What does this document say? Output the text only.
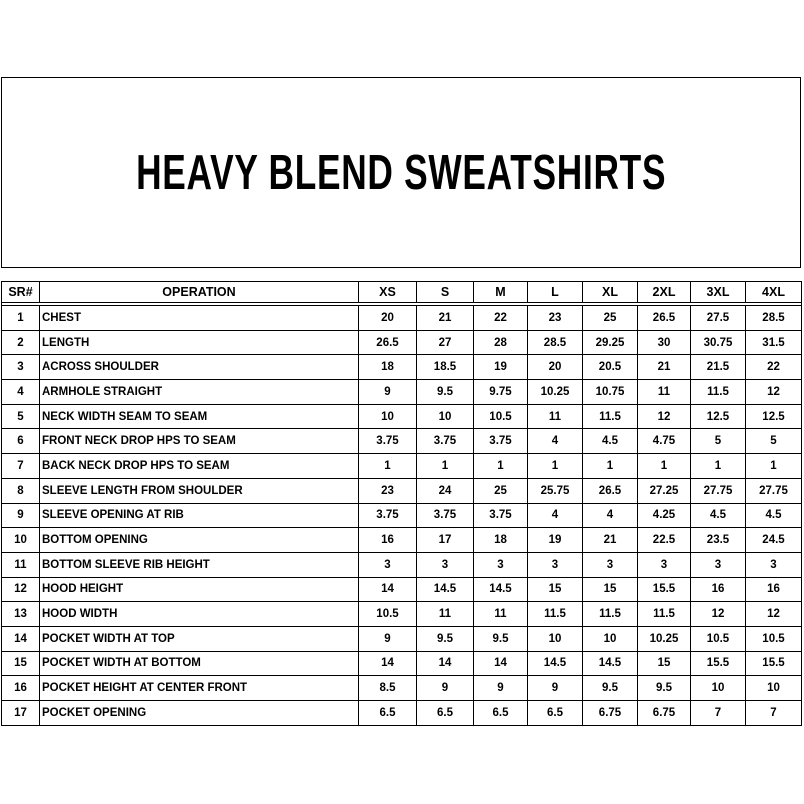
HEAVY BLEND SWEATSHIRTS
SR#	OPERATION	XS	S	M	L	XL	2XL	3XL	4XL

1	CHEST	20	21	22	23	25	26.5	27.5	28.5
2	LENGTH	26.5	27	28	28.5	29.25	30	30.75	31.5
3	ACROSS SHOULDER	18	18.5	19	20	20.5	21	21.5	22
4	ARMHOLE STRAIGHT	9	9.5	9.75	10.25	10.75	11	11.5	12
5	NECK WIDTH SEAM TO SEAM	10	10	10.5	11	11.5	12	12.5	12.5
6	FRONT NECK DROP HPS TO SEAM	3.75	3.75	3.75	4	4.5	4.75	5	5
7	BACK NECK DROP HPS TO SEAM	1	1	1	1	1	1	1	1
8	SLEEVE LENGTH FROM SHOULDER	23	24	25	25.75	26.5	27.25	27.75	27.75
9	SLEEVE OPENING AT RIB	3.75	3.75	3.75	4	4	4.25	4.5	4.5
10	BOTTOM OPENING	16	17	18	19	21	22.5	23.5	24.5
11	BOTTOM SLEEVE RIB HEIGHT	3	3	3	3	3	3	3	3
12	HOOD HEIGHT	14	14.5	14.5	15	15	15.5	16	16
13	HOOD WIDTH	10.5	11	11	11.5	11.5	11.5	12	12
14	POCKET WIDTH AT TOP	9	9.5	9.5	10	10	10.25	10.5	10.5
15	POCKET WIDTH AT BOTTOM	14	14	14	14.5	14.5	15	15.5	15.5
16	POCKET HEIGHT AT CENTER FRONT	8.5	9	9	9	9.5	9.5	10	10
17	POCKET OPENING	6.5	6.5	6.5	6.5	6.75	6.75	7	7
